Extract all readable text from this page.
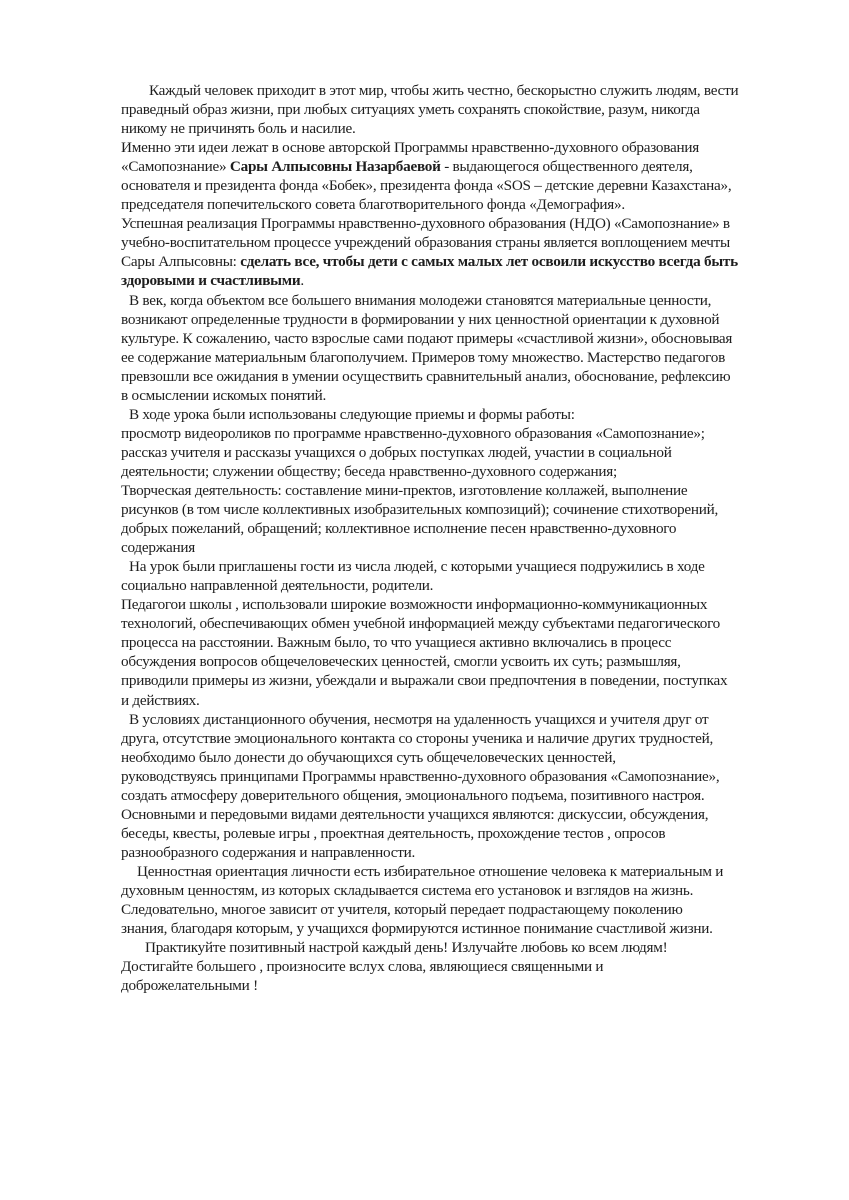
Каждый человек приходит в этот мир, чтобы жить честно, бескорыстно служить людям, вести
праведный образ жизни, при любых ситуациях уметь сохранять спокойствие, разум, никогда
никому не причинять боль и насилие.
Именно эти идеи лежат в основе авторской Программы нравственно-духовного образования
«Самопознание» Сары Алпысовны Назарбаевой - выдающегося общественного деятеля,
основателя и президента фонда «Бобек», президента фонда «SOS – детские деревни Казахстана»,
председателя попечительского совета благотворительного фонда «Демография».
Успешная реализация Программы нравственно-духовного образования (НДО) «Самопознание» в
учебно-воспитательном процессе учреждений образования страны является воплощением мечты
Сары Алпысовны: сделать все, чтобы дети с самых малых лет освоили искусство всегда быть
здоровыми и счастливыми.
В век, когда объектом все большего внимания молодежи становятся материальные ценности,
возникают определенные трудности в формировании у них ценностной ориентации к духовной
культуре. К сожалению, часто взрослые сами подают примеры «счастливой жизни», обосновывая
ее содержание материальным благополучием. Примеров тому множество. Мастерство педагогов
превзошли все ожидания в умении осуществить сравнительный анализ, обоснование, рефлексию
в осмыслении искомых понятий.
В ходе урока были использованы следующие приемы и формы работы:
просмотр видеороликов по программе нравственно-духовного образования «Самопознание»;
рассказ учителя и рассказы учащихся о добрых поступках людей, участии в социальной
деятельности; служении обществу; беседа нравственно-духовного содержания;
Творческая деятельность: составление мини-пректов, изготовление коллажей, выполнение
рисунков (в том числе коллективных изобразительных композиций); сочинение стихотворений,
добрых пожеланий, обращений; коллективное исполнение песен нравственно-духовного
содержания
На урок были приглашены гости из числа людей, с которыми учащиеся подружились в ходе
социально направленной деятельности, родители.
Педагогои школы , использовали широкие возможности информационно-коммуникационных
технологий, обеспечивающих обмен учебной информацией между субъектами педагогического
процесса на расстоянии. Важным было, то что учащиеся активно включались в процесс
обсуждения вопросов общечеловеческих ценностей, смогли усвоить их суть; размышляя,
приводили примеры из жизни, убеждали и выражали свои предпочтения в поведении, поступках
и действиях.
В условиях дистанционного обучения, несмотря на удаленность учащихся и учителя друг от
друга, отсутствие эмоционального контакта со стороны ученика и наличие других трудностей,
необходимо было донести до обучающихся суть общечеловеческих ценностей,
руководствуясь принципами Программы нравственно-духовного образования «Самопознание»,
создать атмосферу доверительного общения, эмоционального подъема, позитивного настроя.
Основными и передовыми видами деятельности учащихся являются: дискуссии, обсуждения,
беседы, квесты, ролевые игры , проектная деятельность, прохождение тестов , опросов
разнообразного содержания и направленности.
Ценностная ориентация личности есть избирательное отношение человека к материальным и
духовным ценностям, из которых складывается система его установок и взглядов на жизнь.
Следовательно, многое зависит от учителя, который передает подрастающему поколению
знания, благодаря которым, у учащихся формируются истинное понимание счастливой жизни.
Практикуйте позитивный настрой каждый день! Излучайте любовь ко всем людям!
Достигайте большего , произносите вслух слова, являющиеся священными и
доброжелательными !
